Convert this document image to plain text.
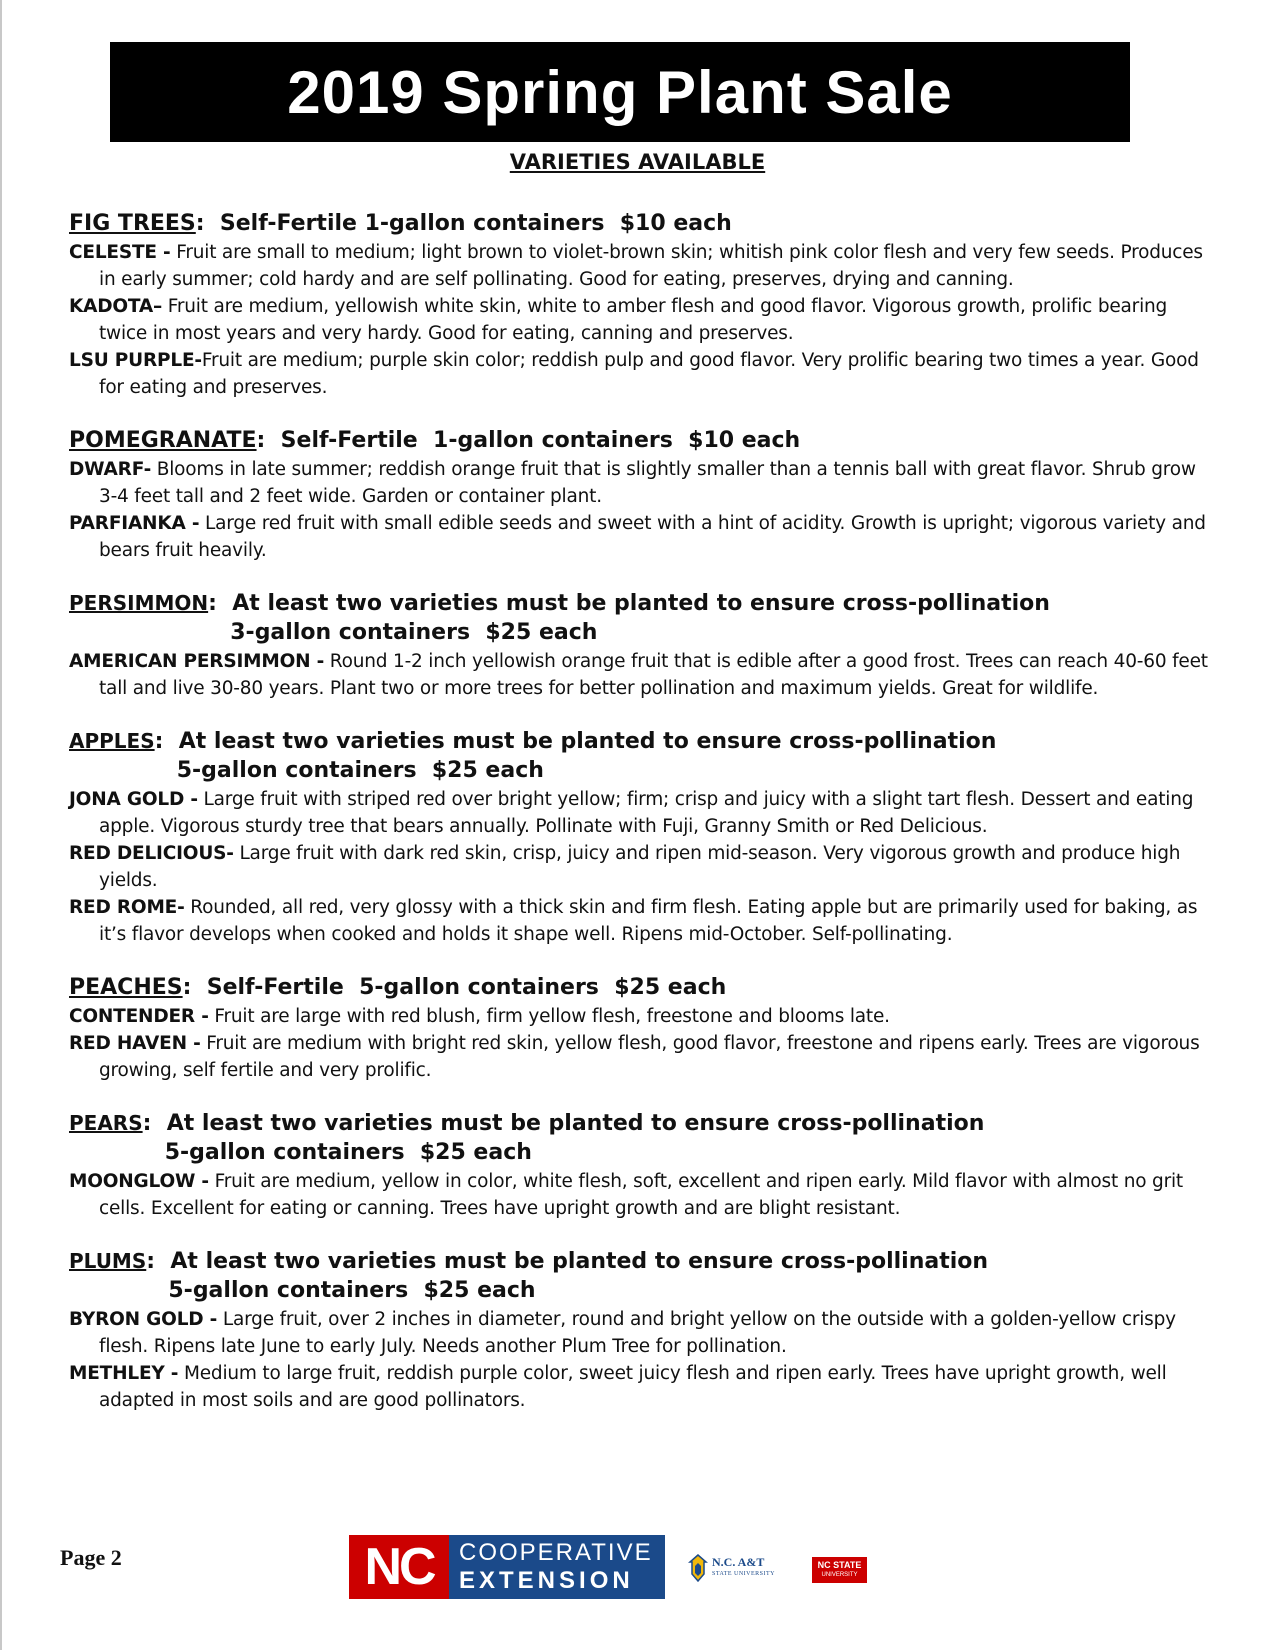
2019 Spring Plant Sale
VARIETIES AVAILABLE
FIG TREES : Self-Fertile 1-gallon containers  $10 each
CELESTE - Fruit are small to medium; light brown to violet-brown skin; whitish pink color flesh and very few seeds. Produces in early summer; cold hardy and are self pollinating. Good for eating, preserves, drying and canning.
KADOTA– Fruit are medium, yellowish white skin, white to amber flesh and good flavor. Vigorous growth, prolific bearing twice in most years and very hardy. Good for eating, canning and preserves.
LSU PURPLE-Fruit are medium; purple skin color; reddish pulp and good flavor. Very prolific bearing two times a year. Good for eating and preserves.
POMEGRANATE : Self-Fertile  1-gallon containers  $10 each
DWARF- Blooms in late summer; reddish orange fruit that is slightly smaller than a tennis ball with great flavor. Shrub grow 3-4 feet tall and 2 feet wide. Garden or container plant.
PARFIANKA - Large red fruit with small edible seeds and sweet with a hint of acidity. Growth is upright; vigorous variety and bears fruit heavily.
PERSIMMON : At least two varieties must be planted to ensure cross-pollination
3-gallon containers  $25 each
AMERICAN PERSIMMON - Round 1-2 inch yellowish orange fruit that is edible after a good frost. Trees can reach 40-60 feet tall and live 30-80 years. Plant two or more trees for better pollination and maximum yields. Great for wildlife.
APPLES : At least two varieties must be planted to ensure cross-pollination
5-gallon containers  $25 each
JONA GOLD - Large fruit with striped red over bright yellow; firm; crisp and juicy with a slight tart flesh. Dessert and eating apple. Vigorous sturdy tree that bears annually. Pollinate with Fuji, Granny Smith or Red Delicious.
RED DELICIOUS- Large fruit with dark red skin, crisp, juicy and ripen mid-season. Very vigorous growth and produce high yields.
RED ROME- Rounded, all red, very glossy with a thick skin and firm flesh. Eating apple but are primarily used for baking, as it’s flavor develops when cooked and holds it shape well. Ripens mid-October. Self-pollinating.
PEACHES : Self-Fertile  5-gallon containers  $25 each
CONTENDER - Fruit are large with red blush, firm yellow flesh, freestone and blooms late.
RED HAVEN - Fruit are medium with bright red skin, yellow flesh, good flavor, freestone and ripens early. Trees are vigorous growing, self fertile and very prolific.
PEARS : At least two varieties must be planted to ensure cross-pollination
5-gallon containers  $25 each
MOONGLOW - Fruit are medium, yellow in color, white flesh, soft, excellent and ripen early. Mild flavor with almost no grit cells. Excellent for eating or canning. Trees have upright growth and are blight resistant.
PLUMS : At least two varieties must be planted to ensure cross-pollination
5-gallon containers  $25 each
BYRON GOLD - Large fruit, over 2 inches in diameter, round and bright yellow on the outside with a golden-yellow crispy flesh. Ripens late June to early July. Needs another Plum Tree for pollination.
METHLEY - Medium to large fruit, reddish purple color, sweet juicy flesh and ripen early. Trees have upright growth, well adapted in most soils and are good pollinators.
Page 2	NC	COOPERATIVE
EXTENSION
N.C. A&T
STATE UNIVERSITY
NC STATE
UNIVERSITY
